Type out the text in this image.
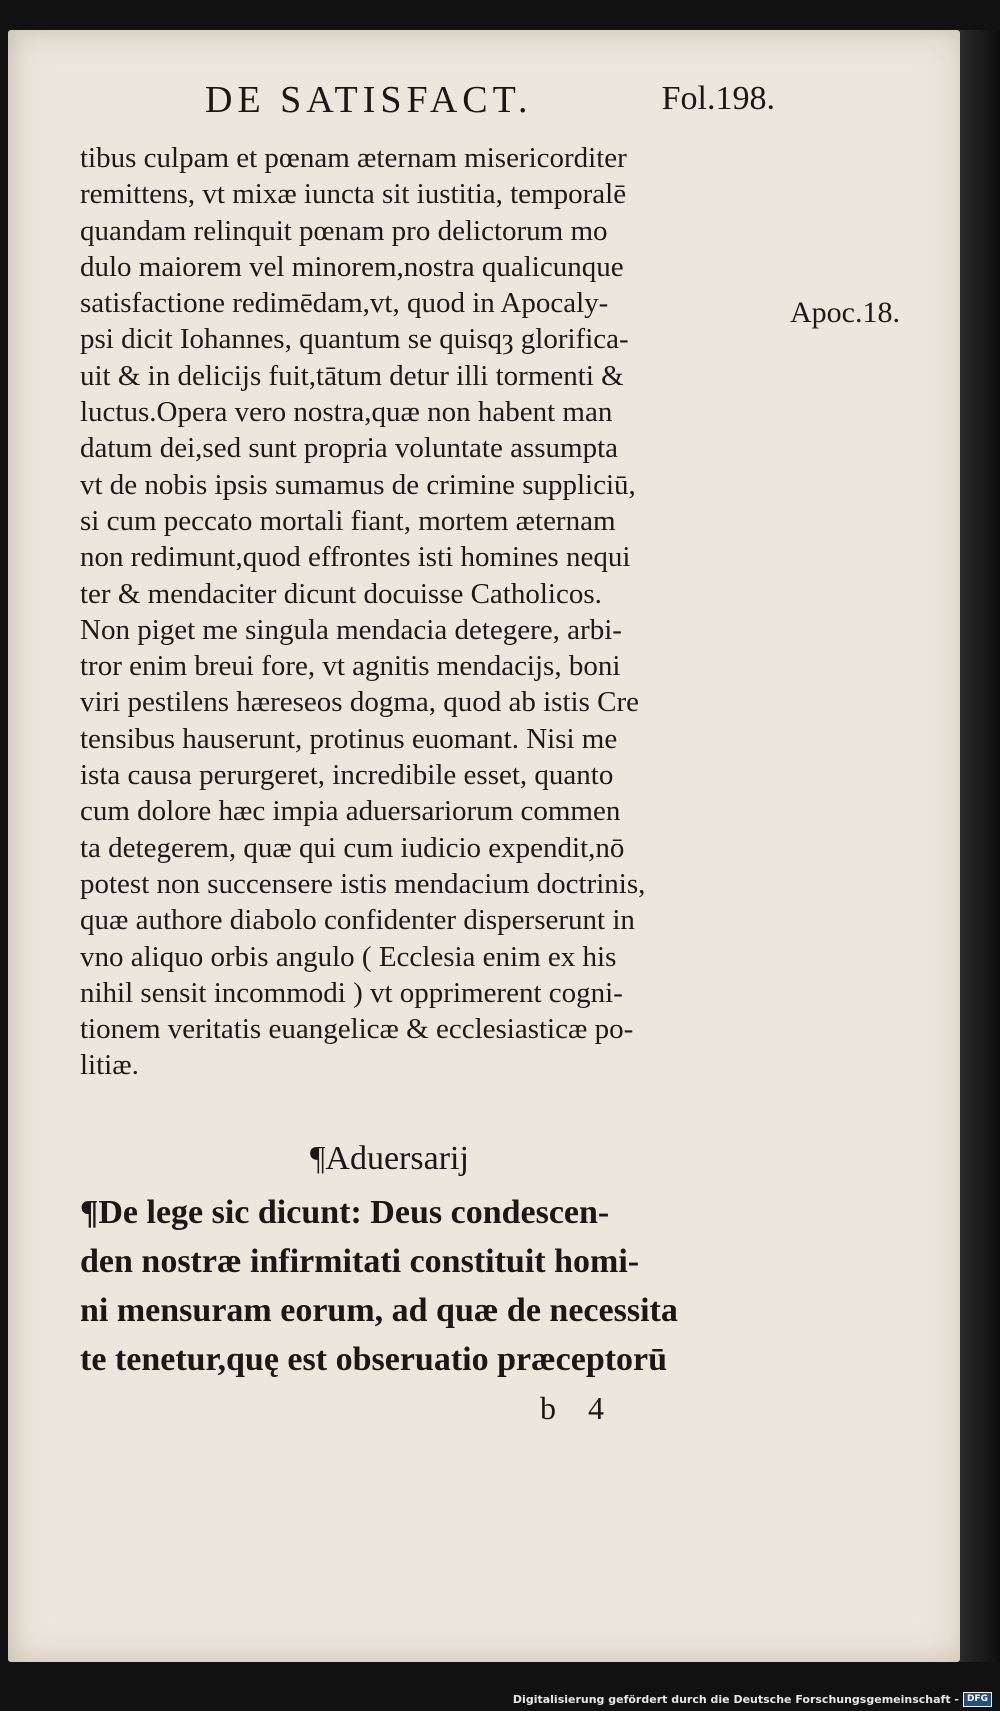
DE SATISFACT.	Fol.198.
Apoc.18.
tibus culpam et pœnam æternam misericorditer
remittens, vt mixæ iuncta sit iustitia, temporalē
quandam relinquit pœnam pro delictorum mo
dulo maiorem vel minorem,nostra qualicunque
satisfactione redimēdam,vt, quod in Apocaly-
psi dicit Iohannes, quantum se quisqȝ glorifica-
uit & in delicijs fuit,tātum detur illi tormenti &
luctus.Opera vero nostra,quæ non habent man
datum dei,sed sunt propria voluntate assumpta
vt de nobis ipsis sumamus de crimine suppliciū,
si cum peccato mortali fiant, mortem æternam
non redimunt,quod effrontes isti homines nequi
ter & mendaciter dicunt docuisse Catholicos.
Non piget me singula mendacia detegere, arbi-
tror enim breui fore, vt agnitis mendacijs, boni
viri pestilens hæreseos dogma, quod ab istis Cre
tensibus hauserunt, protinus euomant. Nisi me
ista causa perurgeret, incredibile esset, quanto
cum dolore hæc impia aduersariorum commen
ta detegerem, quæ qui cum iudicio expendit,nō
potest non succensere istis mendacium doctrinis,
quæ authore diabolo confidenter disperserunt in
vno aliquo orbis angulo ( Ecclesia enim ex his
nihil sensit incommodi ) vt opprimerent cogni-
tionem veritatis euangelicæ & ecclesiasticæ po-
litiæ.
¶Aduersarij
¶De lege sic dicunt: Deus condescen-
den nostræ infirmitati constituit homi-
ni mensuram eorum, ad quæ de necessita
te tenetur,quę est obseruatio præceptorū
b    4
Digitalisierung gefördert durch die Deutsche Forschungsgemeinschaft - DFG
